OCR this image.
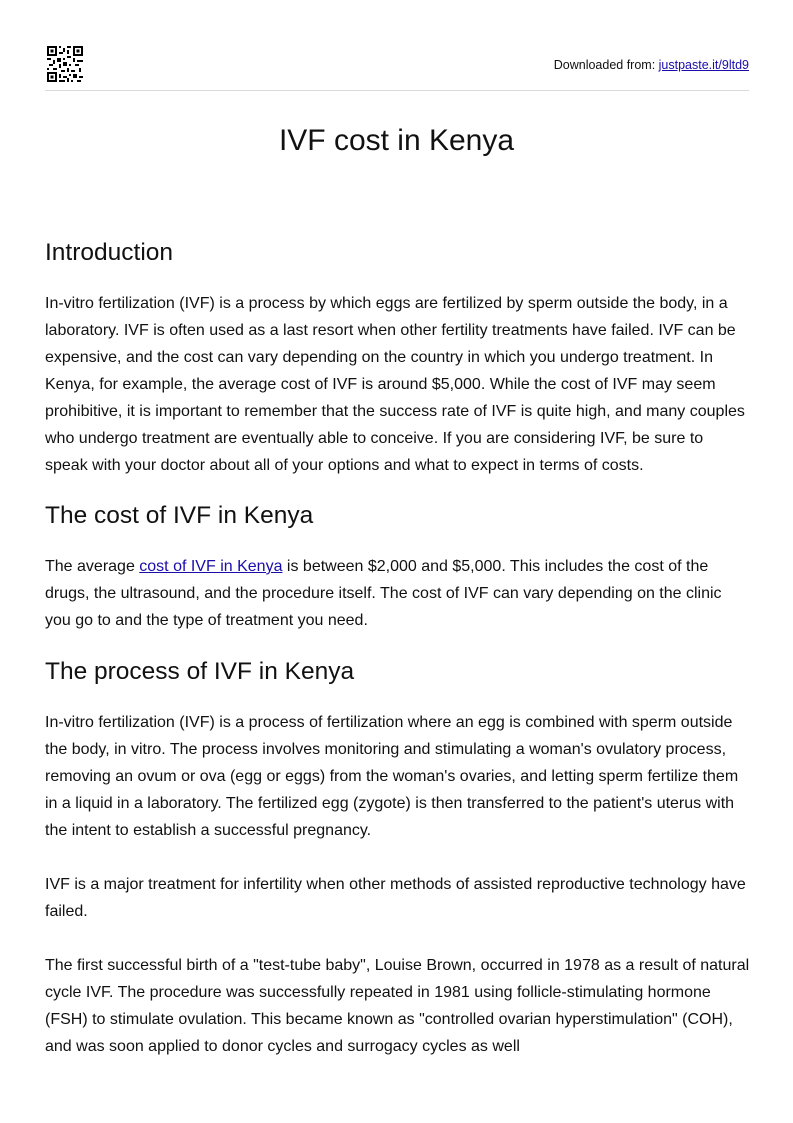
Downloaded from: justpaste.it/9ltd9
IVF cost in Kenya
Introduction

In-vitro fertilization (IVF) is a process by which eggs are fertilized by sperm outside the body, in a laboratory. IVF is often used as a last resort when other fertility treatments have failed. IVF can be expensive, and the cost can vary depending on the country in which you undergo treatment. In Kenya, for example, the average cost of IVF is around $5,000. While the cost of IVF may seem prohibitive, it is important to remember that the success rate of IVF is quite high, and many couples who undergo treatment are eventually able to conceive. If you are considering IVF, be sure to speak with your doctor about all of your options and what to expect in terms of costs.

The cost of IVF in Kenya

The average cost of IVF in Kenya is between $2,000 and $5,000. This includes the cost of the drugs, the ultrasound, and the procedure itself. The cost of IVF can vary depending on the clinic you go to and the type of treatment you need.

The process of IVF in Kenya

In-vitro fertilization (IVF) is a process of fertilization where an egg is combined with sperm outside the body, in vitro. The process involves monitoring and stimulating a woman's ovulatory process, removing an ovum or ova (egg or eggs) from the woman's ovaries, and letting sperm fertilize them in a liquid in a laboratory. The fertilized egg (zygote) is then transferred to the patient's uterus with the intent to establish a successful pregnancy.

IVF is a major treatment for infertility when other methods of assisted reproductive technology have failed.

The first successful birth of a "test-tube baby", Louise Brown, occurred in 1978 as a result of natural cycle IVF. The procedure was successfully repeated in 1981 using follicle-stimulating hormone (FSH) to stimulate ovulation. This became known as "controlled ovarian hyperstimulation" (COH), and was soon applied to donor cycles and surrogacy cycles as well
